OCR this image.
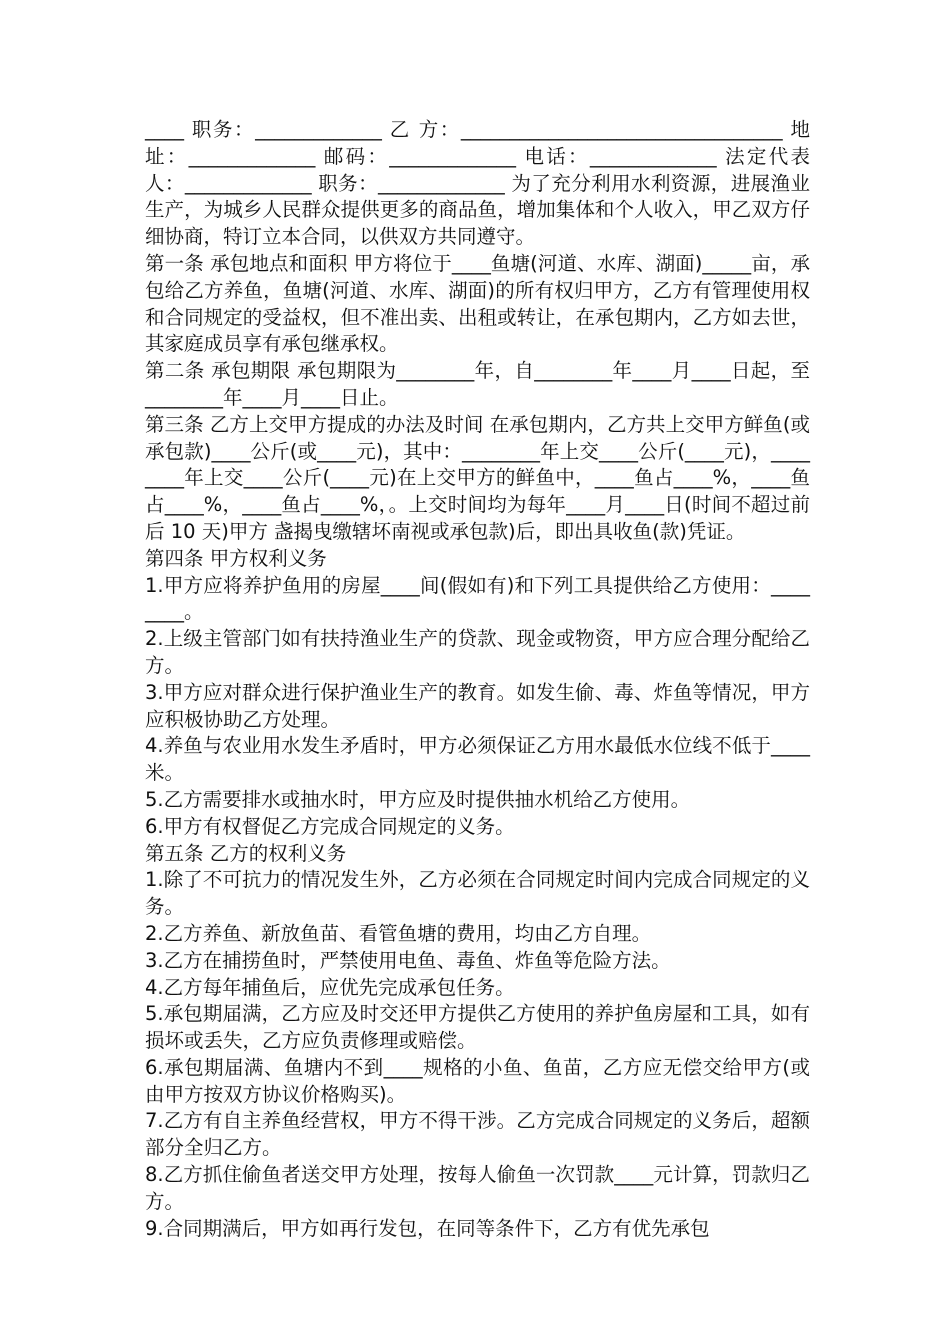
____ 职务：_____________ 乙 方：_________________________________ 地 址：_____________ 邮码：_____________ 电话：_____________ 法定代表人：_____________ 职务：_____________ 为了充分利用水利资源，进展渔业生产，为城乡人民群众提供更多的商品鱼，增加集体和个人收入，甲乙双方仔细协商，特订立本合同，以供双方共同遵守。

第一条 承包地点和面积 甲方将位于____鱼塘(河道、水库、湖面)_____亩，承包给乙方养鱼，鱼塘(河道、水库、湖面)的所有权归甲方，乙方有管理使用权和合同规定的受益权，但不准出卖、出租或转让，在承包期内，乙方如去世，其家庭成员享有承包继承权。

第二条 承包期限 承包期限为________年，自________年____月____日起，至________年____月____日止。

第三条 乙方上交甲方提成的办法及时间 在承包期内，乙方共上交甲方鲜鱼(或承包款)____公斤(或____元)，其中：________年上交____公斤(____元)，________年上交____公斤(____元)在上交甲方的鲜鱼中，____鱼占____%，____鱼占____%，____鱼占____%，。上交时间均为每年____月____日(时间不超过前后 10 天)甲方 盏揭曳缴辖坏南视或承包款)后，即出具收鱼(款)凭证。

第四条 甲方权利义务

1.甲方应将养护鱼用的房屋____间(假如有)和下列工具提供给乙方使用：________。

2.上级主管部门如有扶持渔业生产的贷款、现金或物资，甲方应合理分配给乙方。

3.甲方应对群众进行保护渔业生产的教育。如发生偷、毒、炸鱼等情况，甲方应积极协助乙方处理。

4.养鱼与农业用水发生矛盾时，甲方必须保证乙方用水最低水位线不低于____米。

5.乙方需要排水或抽水时，甲方应及时提供抽水机给乙方使用。

6.甲方有权督促乙方完成合同规定的义务。

第五条 乙方的权利义务

1.除了不可抗力的情况发生外，乙方必须在合同规定时间内完成合同规定的义务。

2.乙方养鱼、新放鱼苗、看管鱼塘的费用，均由乙方自理。

3.乙方在捕捞鱼时，严禁使用电鱼、毒鱼、炸鱼等危险方法。

4.乙方每年捕鱼后，应优先完成承包任务。

5.承包期届满，乙方应及时交还甲方提供乙方使用的养护鱼房屋和工具，如有损坏或丢失，乙方应负责修理或赔偿。

6.承包期届满、鱼塘内不到____规格的小鱼、鱼苗，乙方应无偿交给甲方(或由甲方按双方协议价格购买)。

7.乙方有自主养鱼经营权，甲方不得干涉。乙方完成合同规定的义务后，超额部分全归乙方。

8.乙方抓住偷鱼者送交甲方处理，按每人偷鱼一次罚款____元计算，罚款归乙方。

9.合同期满后，甲方如再行发包，在同等条件下，乙方有优先承包
